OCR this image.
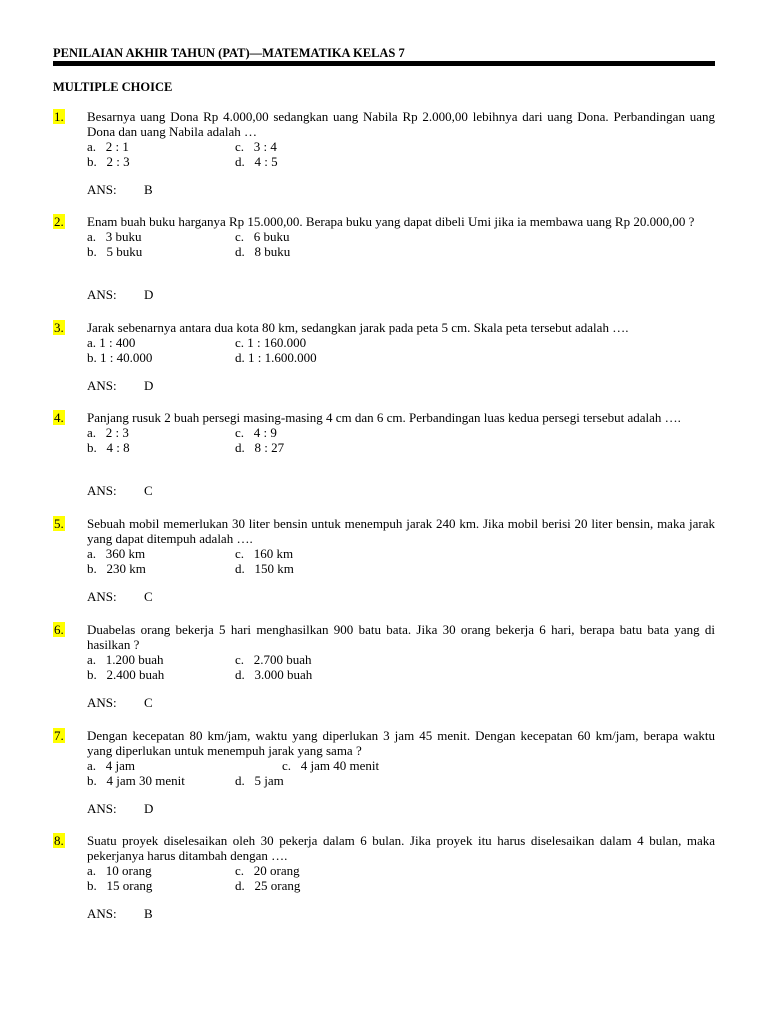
PENILAIAN AKHIR TAHUN (PAT)—MATEMATIKA KELAS 7
MULTIPLE CHOICE
1.	Besarnya uang Dona Rp 4.000,00 sedangkan uang Nabila Rp 2.000,00 lebihnya dari uang Dona. Perbandingan uang Dona dan uang Nabila adalah …
a.   2 : 1
b.   2 : 3
c.   3 : 4
d.   4 : 5
ANS: B
2.	Enam buah buku harganya Rp 15.000,00. Berapa buku yang dapat dibeli Umi jika ia membawa uang Rp 20.000,00 ?
a.   3 buku
b.   5 buku
c.   6 buku
d.   8 buku
ANS: D
3.	Jarak sebenarnya antara dua kota 80 km, sedangkan jarak pada peta 5 cm. Skala peta tersebut adalah ….
a. 1 : 400
b. 1 : 40.000
c. 1 : 160.000
d. 1 : 1.600.000
ANS: D
4.	Panjang rusuk 2 buah persegi masing-masing 4 cm dan 6 cm. Perbandingan luas kedua persegi tersebut adalah ….
a.   2 : 3
b.   4 : 8
c.   4 : 9
d.   8 : 27
ANS: C
5.	Sebuah mobil memerlukan 30 liter bensin untuk menempuh jarak 240 km. Jika mobil berisi 20 liter bensin, maka jarak yang dapat ditempuh adalah ….
a.   360 km
b.   230 km
c.   160 km
d.   150 km
ANS: C
6.	Duabelas orang bekerja 5 hari menghasilkan 900 batu bata. Jika 30 orang bekerja 6 hari, berapa batu bata yang di hasilkan ?
a.   1.200 buah
b.   2.400 buah
c.   2.700 buah
d.   3.000 buah
ANS: C
7.	Dengan kecepatan 80 km/jam, waktu yang diperlukan 3 jam 45 menit. Dengan kecepatan 60 km/jam, berapa waktu yang diperlukan untuk menempuh jarak yang sama ?
a.   4 jam
b.   4 jam 30 menit
c.   4 jam 40 menit
d.   5 jam
ANS: D
8.	Suatu proyek diselesaikan oleh 30 pekerja dalam 6 bulan. Jika proyek itu harus diselesaikan dalam 4 bulan, maka pekerjanya harus ditambah dengan ….
a.   10 orang
b.   15 orang
c.   20 orang
d.   25 orang
ANS: B
